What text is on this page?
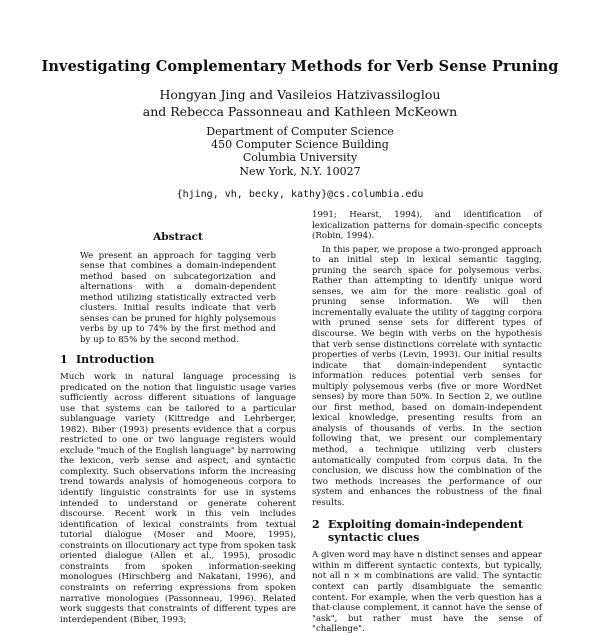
Investigating Complementary Methods for Verb Sense Pruning
Hongyan Jing and Vasileios Hatzivassiloglou
and Rebecca Passonneau and Kathleen McKeown
Department of Computer Science
450 Computer Science Building
Columbia University
New York, N.Y. 10027
{hjing, vh, becky, kathy}@cs.columbia.edu
Abstract

We present an approach for tagging verb sense that combines a domain-independent method based on subcategorization and alternations with a domain-dependent method utilizing statistically extracted verb clusters. Initial results indicate that verb senses can be pruned for highly polysemous verbs by up to 74% by the first method and by up to 85% by the second method.

1 Introduction

Much work in natural language processing is predicated on the notion that linguistic usage varies sufficiently across different situations of language use that systems can be tailored to a particular sublanguage variety (Kittredge and Lehrberger, 1982). Biber (1993) presents evidence that a corpus restricted to one or two language registers would exclude "much of the English language" by narrowing the lexicon, verb sense and aspect, and syntactic complexity. Such observations inform the increasing trend towards analysis of homogeneous corpora to identify linguistic constraints for use in systems intended to understand or generate coherent discourse. Recent work in this vein includes identification of lexical constraints from textual tutorial dialogue (Moser and Moore, 1995), constraints on illocutionary act type from spoken task oriented dialogue (Allen et al., 1995), prosodic constraints from spoken information-seeking monologues (Hirschberg and Nakatani, 1996), and constraints on referring expressions from spoken narrative monologues (Passonneau, 1996). Related work suggests that constraints of different types are interdependent (Biber, 1993;

1991; Hearst, 1994), and identification of lexicalization patterns for domain-specific concepts (Robin, 1994).

In this paper, we propose a two-pronged approach to an initial step in lexical semantic tagging, pruning the search space for polysemous verbs. Rather than attempting to identify unique word senses, we aim for the more realistic goal of pruning sense information. We will then incrementally evaluate the utility of tagging corpora with pruned sense sets for different types of discourse. We begin with verbs on the hypothesis that verb sense distinctions correlate with syntactic properties of verbs (Levin, 1993). Our initial results indicate that domain-independent syntactic information reduces potential verb senses for multiply polysemous verbs (five or more WordNet senses) by more than 50%. In Section 2, we outline our first method, based on domain-independent lexical knowledge, presenting results from an analysis of thousands of verbs. In the section following that, we present our complementary method, a technique utilizing verb clusters automatically computed from corpus data. In the conclusion, we discuss how the combination of the two methods increases the performance of our system and enhances the robustness of the final results.

2 Exploiting domain-independent
syntactic clues

A given word may have n distinct senses and appear within m different syntactic contexts, but typically, not all n × m combinations are valid. The syntactic context can partly disambiguate the semantic content. For example, when the verb question has a that-clause complement, it cannot have the sense of "ask", but rather must have the sense of "challenge".
